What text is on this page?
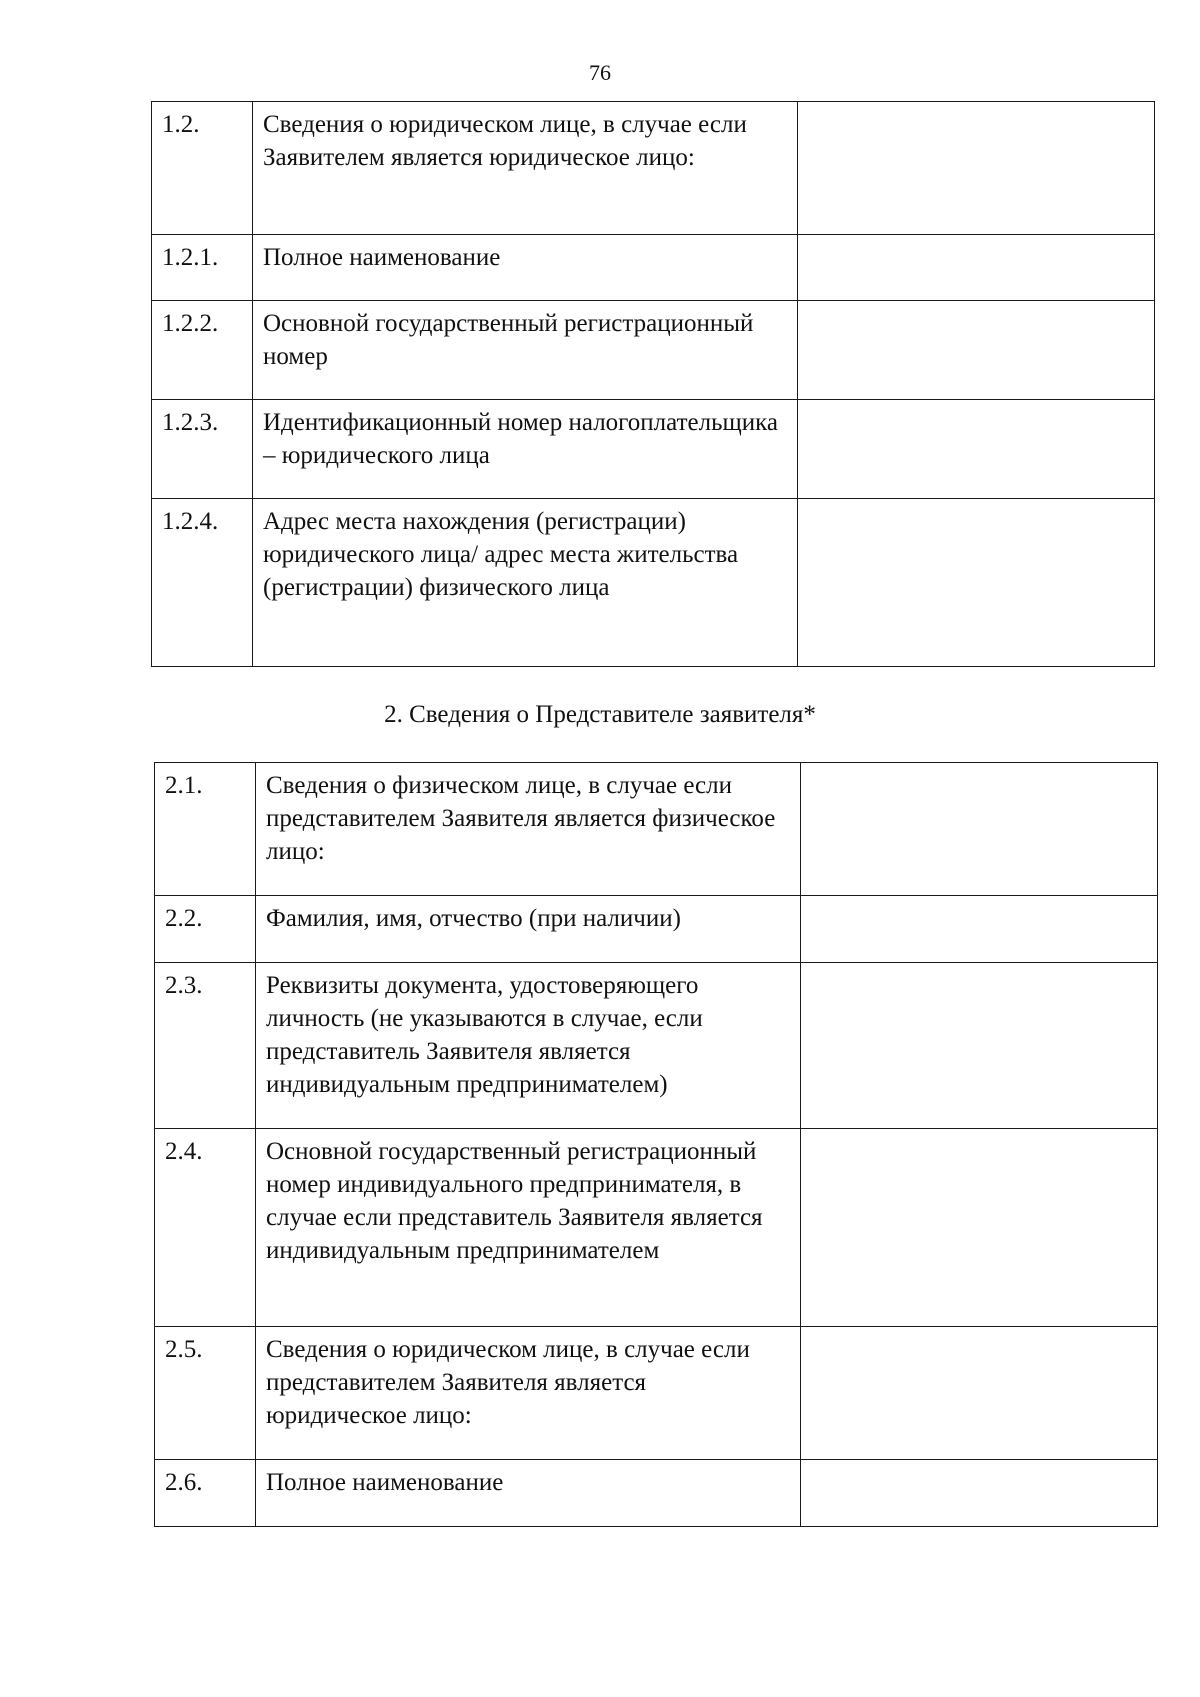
76
1.2.	Сведения о юридическом лице, в случае если Заявителем является юридическое лицо:	
1.2.1.	Полное наименование	
1.2.2.	Основной государственный регистрационный номер	
1.2.3.	Идентификационный номер налогоплательщика – юридического лица	
1.2.4.	Адрес места нахождения (регистрации) юридического лица/ адрес места жительства (регистрации) физического лица	
2. Сведения о Представителе заявителя*
2.1.	Сведения о физическом лице, в случае если представителем Заявителя является физическое лицо:	
2.2.	Фамилия, имя, отчество (при наличии)	
2.3.	Реквизиты документа, удостоверяющего личность (не указываются в случае, если представитель Заявителя является индивидуальным предпринимателем)	
2.4.	Основной государственный регистрационный номер индивидуального предпринимателя, в случае если представитель Заявителя является индивидуальным предпринимателем	
2.5.	Сведения о юридическом лице, в случае если представителем Заявителя является юридическое лицо:	
2.6.	Полное наименование	
